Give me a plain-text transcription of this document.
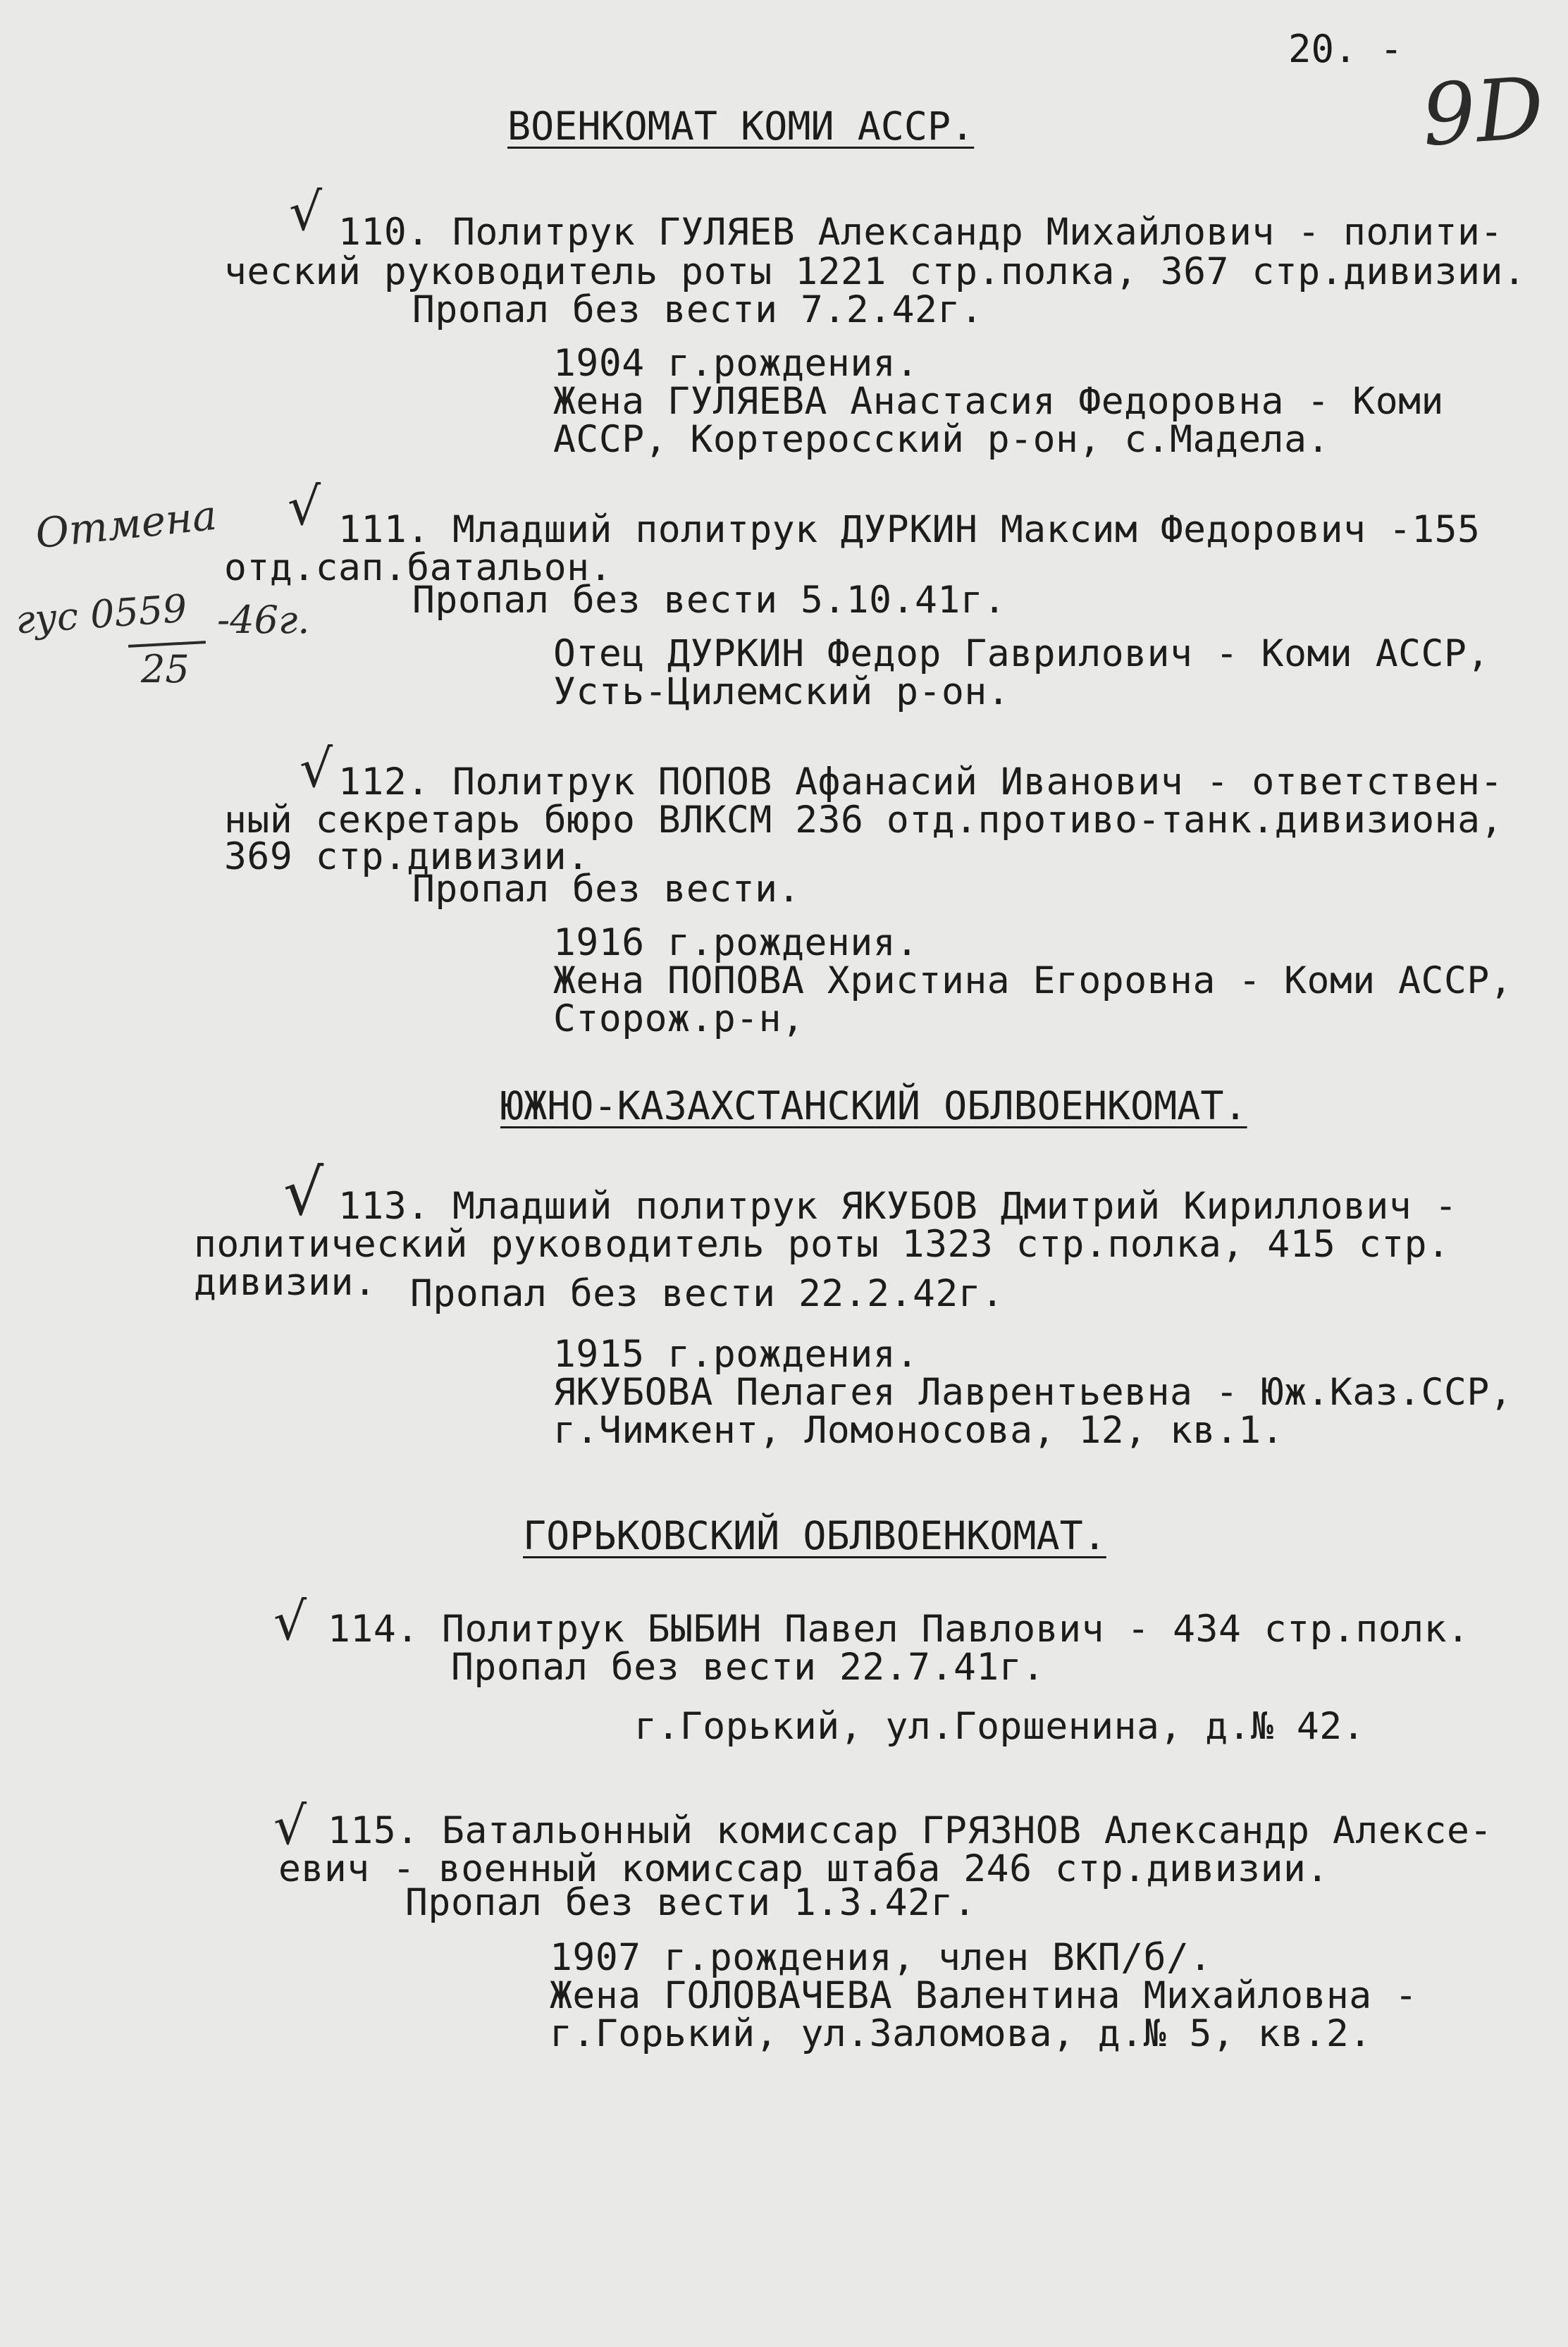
20. -
9D
Отмена
гус 0559 -46г.
25
ВОЕНКОМАТ КОМИ АССР.
√ 110. Политрук ГУЛЯЕВ Александр Михайлович - полити-
ческий руководитель роты 1221 стр.полка, 367 стр.дивизии.
Пропал без вести 7.2.42г.
1904 г.рождения.
Жена ГУЛЯЕВА Анастасия Федоровна - Коми
АССР, Кортеросский р-он, с.Мадела.
√ 111. Младший политрук ДУРКИН Максим Федорович -155
отд.сап.батальон.
Пропал без вести 5.10.41г.
Отец ДУРКИН Федор Гаврилович - Коми АССР,
Усть-Цилемский р-он.
√ 112. Политрук ПОПОВ Афанасий Иванович - ответствен-
ный секретарь бюро ВЛКСМ 236 отд.противо-танк.дивизиона,
369 стр.дивизии.
Пропал без вести.
1916 г.рождения.
Жена ПОПОВА Христина Егоровна - Коми АССР,
Сторож.р-н,
ЮЖНО-КАЗАХСТАНСКИЙ ОБЛВОЕНКОМАТ.
√ 113. Младший политрук ЯКУБОВ Дмитрий Кириллович -
политический руководитель роты 1323 стр.полка, 415 стр.
дивизии. Пропал без вести 22.2.42г.
1915 г.рождения.
ЯКУБОВА Пелагея Лаврентьевна - Юж.Каз.ССР,
г.Чимкент, Ломоносова, 12, кв.1.
ГОРЬКОВСКИЙ ОБЛВОЕНКОМАТ.
√ 114. Политрук БЫБИН Павел Павлович - 434 стр.полк.
Пропал без вести 22.7.41г.
г.Горький, ул.Горшенина, д.№ 42.
√ 115. Батальонный комиссар ГРЯЗНОВ Александр Алексе-
евич - военный комиссар штаба 246 стр.дивизии.
Пропал без вести 1.3.42г.
1907 г.рождения, член ВКП/б/.
Жена ГОЛОВАЧЕВА Валентина Михайловна -
г.Горький, ул.Заломова, д.№ 5, кв.2.
